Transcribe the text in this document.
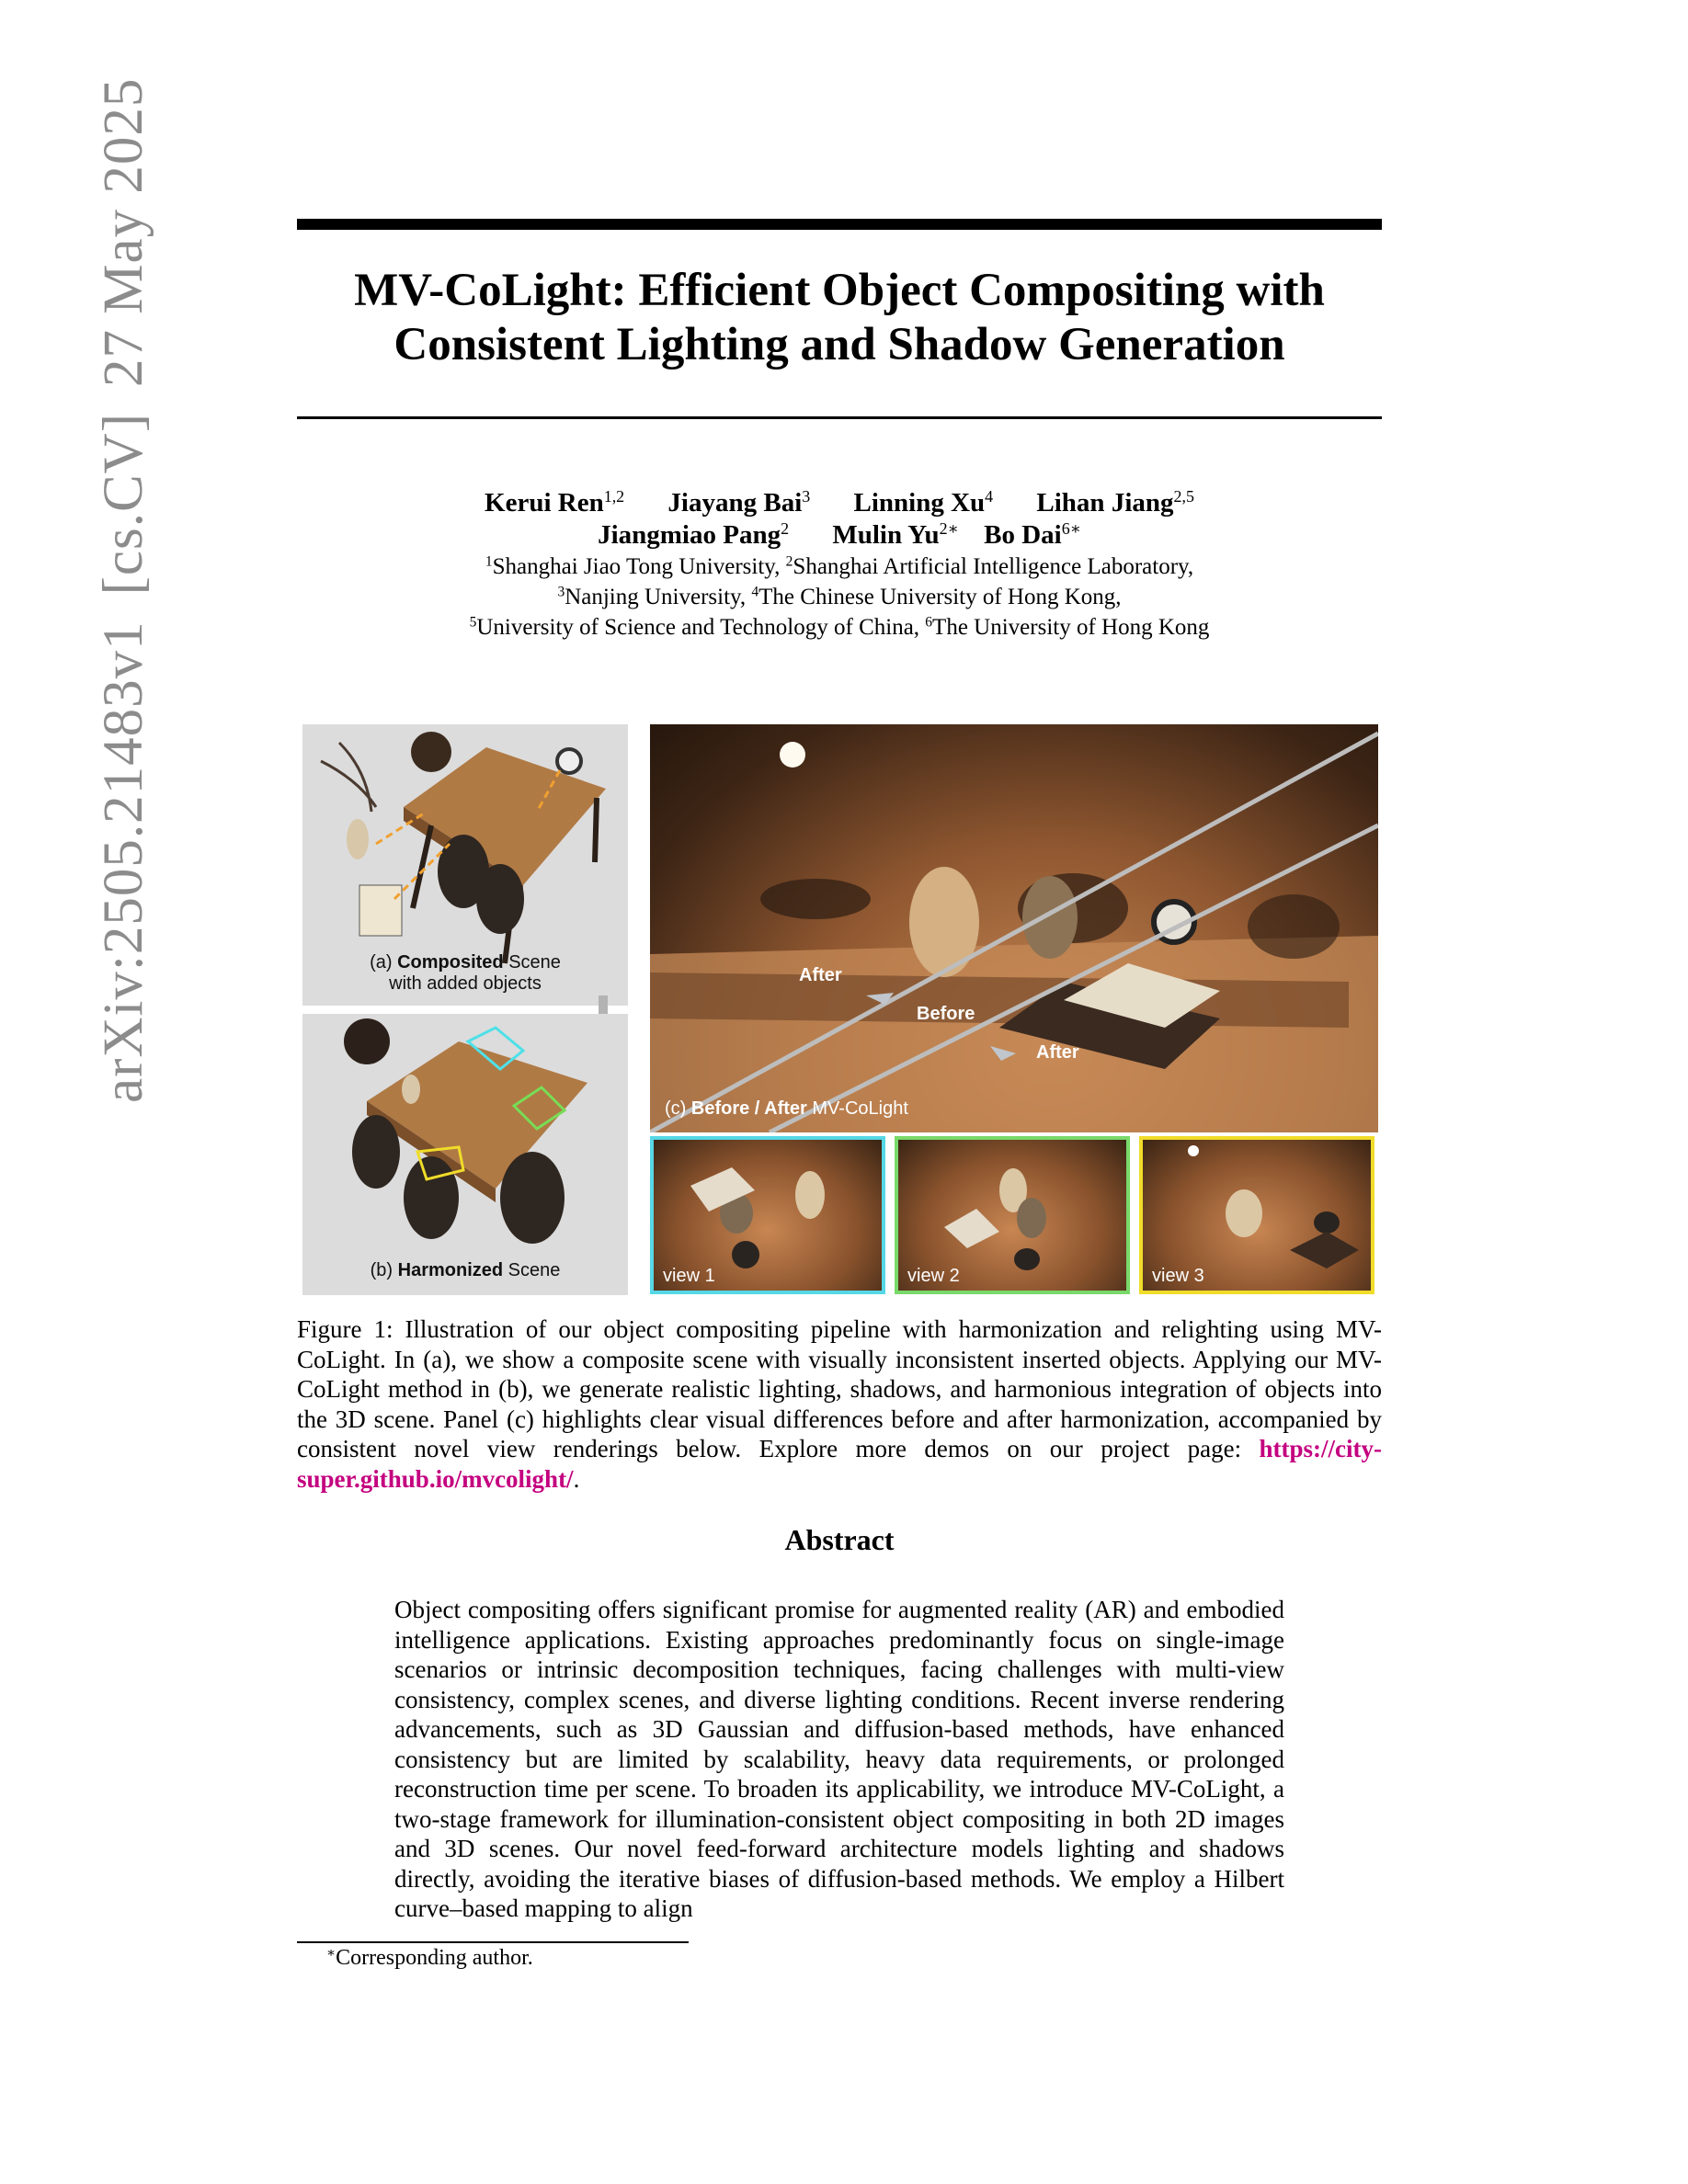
arXiv:2505.21483v1[cs.CV]27 May 2025	MV-CoLight: Efficient Object Compositing with
Consistent Lighting and Shadow Generation
Kerui Ren$^{1,2}$ Jiayang Bai$^3$ Linning Xu$^4$ Lihan Jiang$^{2,5}$
Jiangmiao Pang$^2$ Mulin $Yu^{2∗}$ Bo Dai$^{6∗}$
$^1$Shanghai Jiao Tong University, $^2$Shanghai Artificial Intelligence Laboratory,
$^3$Nanjing University, $^4$The Chinese University of Hong Kong,
$^5$University of Science and Technology of China, $^6$The University of Hong Kong
(a) Composited Scene
with added objects
(b) Harmonized Scene
After
Before
After
(c) Before / After MV-CoLight
view 1	view 2	view 3
Figure 1: Illustration of our object compositing pipeline with harmonization and relighting using MV-CoLight. In (a), we show a composite scene with visually inconsistent inserted objects. Applying our MV-CoLight method in (b), we generate realistic lighting, shadows, and harmonious integration of objects into the 3D scene. Panel (c) highlights clear visual differences before and after harmonization, accompanied by consistent novel view renderings below. Explore more demos on our project page: https://city-super.github.io/mvcolight/.
Abstract
Object compositing offers significant promise for augmented reality (AR) and embodied intelligence applications. Existing approaches predominantly focus on single-image scenarios or intrinsic decomposition techniques, facing challenges with multi-view consistency, complex scenes, and diverse lighting conditions. Recent inverse rendering advancements, such as 3D Gaussian and diffusion-based methods, have enhanced consistency but are limited by scalability, heavy data requirements, or prolonged reconstruction time per scene. To broaden its applicability, we introduce MV-CoLight, a two-stage framework for illumination-consistent object compositing in both 2D images and 3D scenes. Our novel feed-forward architecture models lighting and shadows directly, avoiding the iterative biases of diffusion-based methods. We employ a Hilbert curve–based mapping to align
∗Corresponding author.
